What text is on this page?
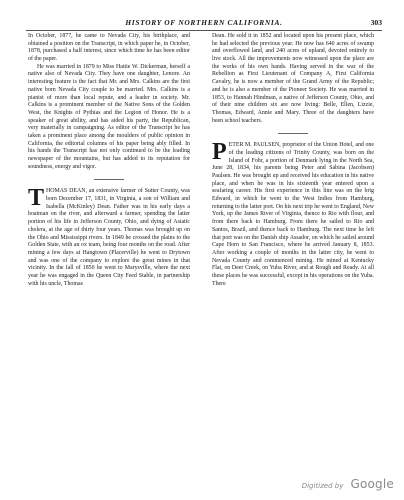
HISTORY OF NORTHERN CALIFORNIA.	303

In October, 1877, he came to Nevada City, his birthplace, and obtained a position on the Transcript, in which paper he, in October, 1878, purchased a half interest, since which time he has been editor of the paper.

He was married in 1879 to Miss Hattie W. Dickerman, herself a native also of Nevada City. They have one daughter, Lenore. An interesting feature is the fact that Mr. and Mrs. Calkins are the first native born Nevada City couple to be married. Mrs. Calkins is a pianist of more than local repute, and a leader in society. Mr. Calkins is a prominent member of the Native Sons of the Golden West, the Knights of Pythias and the Legion of Honor. He is a speaker of great ability, and has aided his party, the Republican, very materially in campaigning. As editor of the Transcript he has taken a prominent place among the moulders of public opinion in California, the editorial columns of his paper being ably filled. In his hands the Transcript has not only continued to be the leading newspaper of the mountains, but has added to its reputation for soundness, energy and vigor.

THOMAS DEAN, an extensive farmer of Sutter County, was born December 17, 1831, in Virginia, a son of William and Isabella (McKinley) Dean. Father was in his early days a boatman on the river, and afterward a farmer, spending the latter portion of his life in Jefferson County, Ohio, and dying of Asiatic cholera, at the age of thirty four years. Thomas was brought up on the Ohio and Mississippi rivers. In 1849 he crossed the plains to the Golden State, with an ox team, being four months on the road. After mining a few days at Hangtown (Placerville) he went to Drytown and was one of the company to explore the great mines in that vicinity. In the fall of 1850 he went to Marysville, where the next year he was engaged in the Queen City Feed Stable, in partnership with his uncle, Thomas

Dean. He sold it in 1852 and located upon his present place, which he had selected the previous year. He now has 640 acres of swamp and overflowed land, and 240 acres of upland, devoted entirely to live stock. All the improvements now witnessed upon the place are the works of his own hands. Having served in the war of the Rebellion as First Lieutenant of Company A, First California Cavalry, he is now a member of the Grand Army of the Republic; and he is also a member of the Pioneer Society. He was married in 1853, to Hannah Hindman, a native of Jefferson County, Ohio, and of their nine children six are now living: Belle, Ellen, Lizzie, Thomas, Edward, Annie and Mary. Three of the daughters have been school teachers.

PETER M. PAULSEN, proprietor of the Union Hotel, and one of the leading citizens of Trinity County, was born on the Island of Fohr, a portion of Denmark lying in the North Sea, June 28, 1834, his parents being Peter and Sabina (Jacobsen) Paulsen. He was brought up and received his education in his native place, and when he was in his sixteenth year entered upon a seafaring career. His first experience in this line was on the brig Edward, in which he went to the West Indies from Hamburg, returning to the latter port. On his next trip he went to England, New York, up the James River of Virginia, thence to Rio with flour, and from there back to Hamburg. From there he sailed to Rio and Santos, Brazil, and thence back to Hamburg. The next time he left that port was on the Danish ship Assador, on which he sailed around Cape Horn to San Francisco, where he arrived January 8, 1853. After working a couple of months in the latter city, he went to Nevada County and commenced mining. He mined at Kentucky Flat, on Deer Creek, on Yuba River, and at Rough and Ready. At all these places he was successful, except in his operations on the Yuba. There

Digitized by Google
